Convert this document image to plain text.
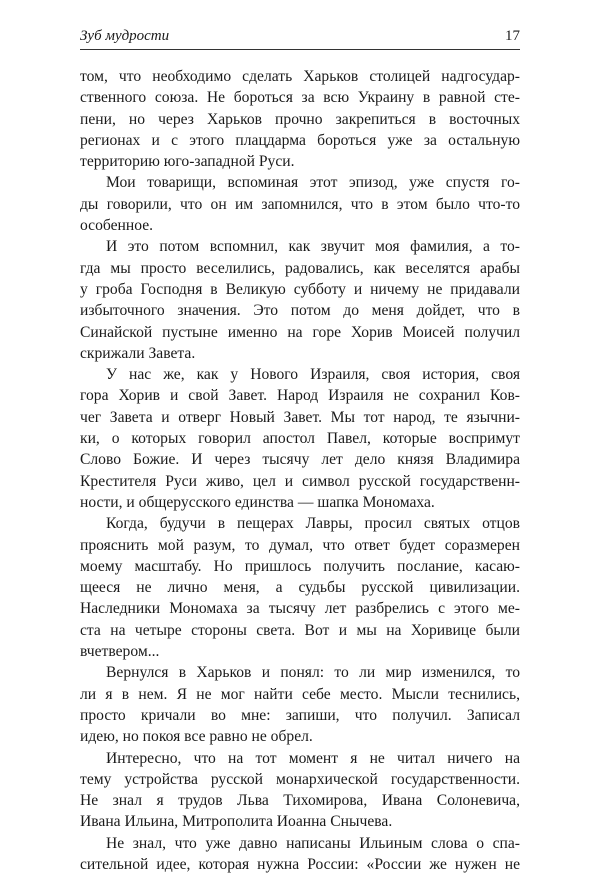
Зуб мудрости	17
том, что необходимо сделать Харьков столицей надгосудар-
ственного союза. Не бороться за всю Украину в равной сте-
пени, но через Харьков прочно закрепиться в восточных
регионах и с этого плацдарма бороться уже за остальную
территорию юго-западной Руси.
Мои товарищи, вспоминая этот эпизод, уже спустя го-
ды говорили, что он им запомнился, что в этом было что-то
особенное.
И это потом вспомнил, как звучит моя фамилия, а то-
гда мы просто веселились, радовались, как веселятся арабы
у гроба Господня в Великую субботу и ничему не придавали
избыточного значения. Это потом до меня дойдет, что в
Синайской пустыне именно на горе Хорив Моисей получил
скрижали Завета.
У нас же, как у Нового Израиля, своя история, своя
гора Хорив и свой Завет. Народ Израиля не сохранил Ков-
чег Завета и отверг Новый Завет. Мы тот народ, те язычни-
ки, о которых говорил апостол Павел, которые воспримут
Слово Божие. И через тысячу лет дело князя Владимира
Крестителя Руси живо, цел и символ русской государственн-
ности, и общерусского единства — шапка Мономаха.
Когда, будучи в пещерах Лавры, просил святых отцов
прояснить мой разум, то думал, что ответ будет соразмерен
моему масштабу. Но пришлось получить послание, касаю-
щееся не лично меня, а судьбы русской цивилизации.
Наследники Мономаха за тысячу лет разбрелись с этого ме-
ста на четыре стороны света. Вот и мы на Хоривице были
вчетвером...
Вернулся в Харьков и понял: то ли мир изменился, то
ли я в нем. Я не мог найти себе место. Мысли теснились,
просто кричали во мне: запиши, что получил. Записал
идею, но покоя все равно не обрел.
Интересно, что на тот момент я не читал ничего на
тему устройства русской монархической государственности.
Не знал я трудов Льва Тихомирова, Ивана Солоневича,
Ивана Ильина, Митрополита Иоанна Снычева.
Не знал, что уже давно написаны Ильиным слова о спа-
сительной идее, которая нужна России: «России же нужен не
